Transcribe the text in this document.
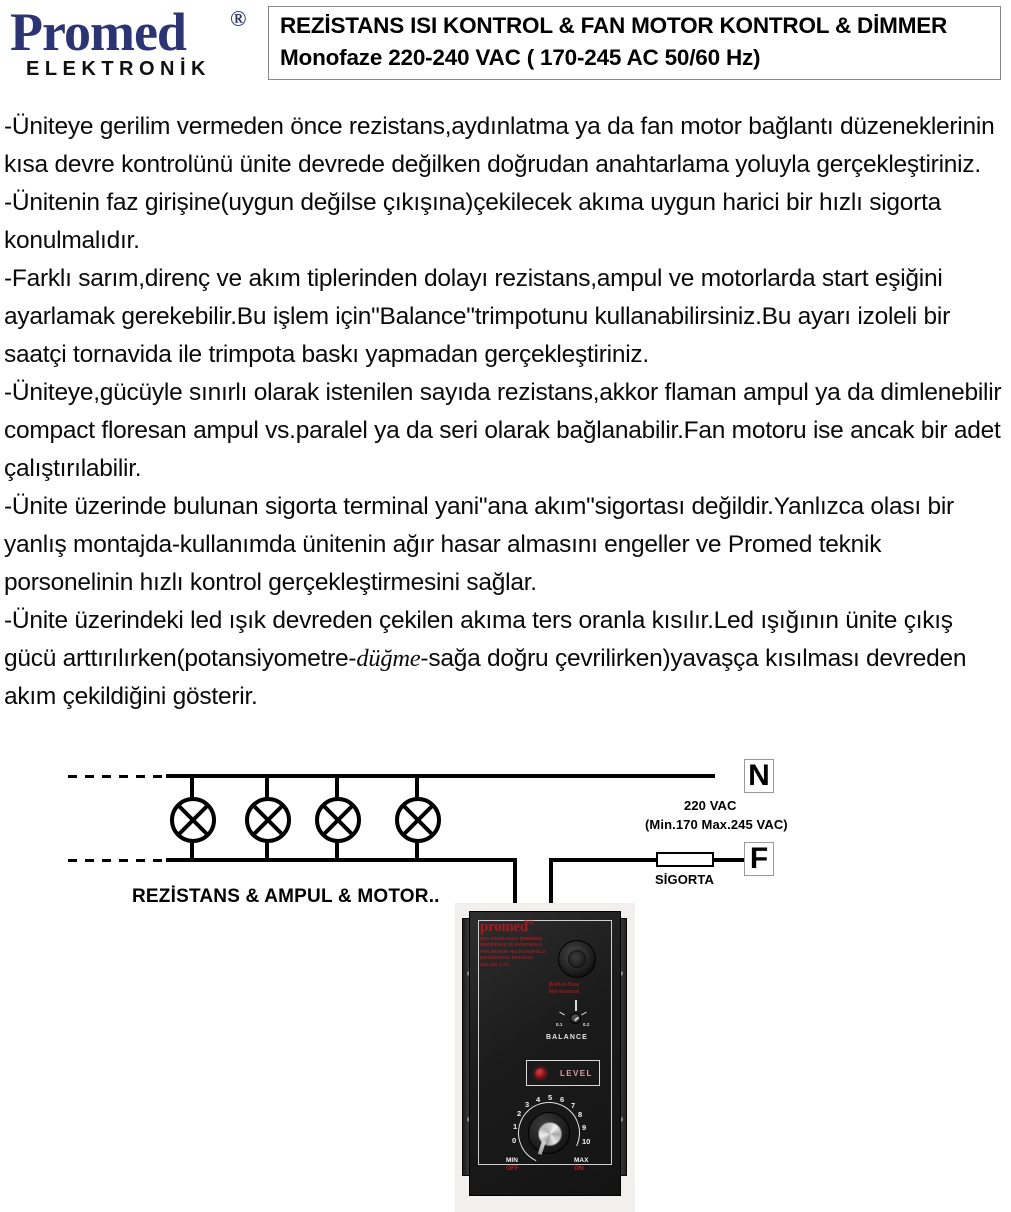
Promed ®
ELEKTRONİK
REZİSTANS ISI KONTROL & FAN MOTOR KONTROL & DİMMER
Monofaze 220-240 VAC ( 170-245 AC 50/60 Hz)

-Üniteye gerilim vermeden önce rezistans,aydınlatma ya da fan motor bağlantı düzeneklerinin kısa devre kontrolünü ünite devrede değilken doğrudan anahtarlama yoluyla gerçekleştiriniz.

-Ünitenin faz girişine(uygun değilse çıkışına)çekilecek akıma uygun harici bir hızlı sigorta konulmalıdır.

-Farklı sarım,direnç ve akım tiplerinden dolayı rezistans,ampul ve motorlarda start eşiğini ayarlamak gerekebilir.Bu işlem için"Balance"trimpotunu kullanabilirsiniz.Bu ayarı izoleli bir saatçi tornavida ile trimpota baskı yapmadan gerçekleştiriniz.

-Üniteye,gücüyle sınırlı olarak istenilen sayıda rezistans,akkor flaman ampul ya da dimlenebilir compact floresan ampul vs.paralel ya da seri olarak bağlanabilir.Fan motoru ise ancak bir adet çalıştırılabilir.

-Ünite üzerinde bulunan sigorta terminal yani"ana akım"sigortası değildir.Yanlızca olası bir yanlış montajda-kullanımda ünitenin ağır hasar almasını engeller ve Promed teknik porsonelinin hızlı kontrol gerçekleştirmesini sağlar.

-Ünite üzerindeki led ışık devreden çekilen akıma ters oranla kısılır.Led ışığının ünite çıkış gücü arttırılırken(potansiyometre-düğme-sağa doğru çevrilirken)yavaşça kısılması devreden akım çekildiğini gösterir.

SİGORTA
N
F
220 VAC
(Min.170 Max.245 VAC)
REZİSTANS & AMPUL & MOTOR..
promed®
IŞIK AYARLAYICI (DİMMER)
REZİSTANS ISI KONTROLÜ
FAN MOTOR HIZ KONTROLÜ
(Redüktörsüz Motorlar)
220-240 V.AC
Built-in fuse
Not terminal
0.1	0.2
BALANCE
LEVEL
0
1
2
3
4 5 6
7
8
9
10
MIN
OFF
MAX
ON
